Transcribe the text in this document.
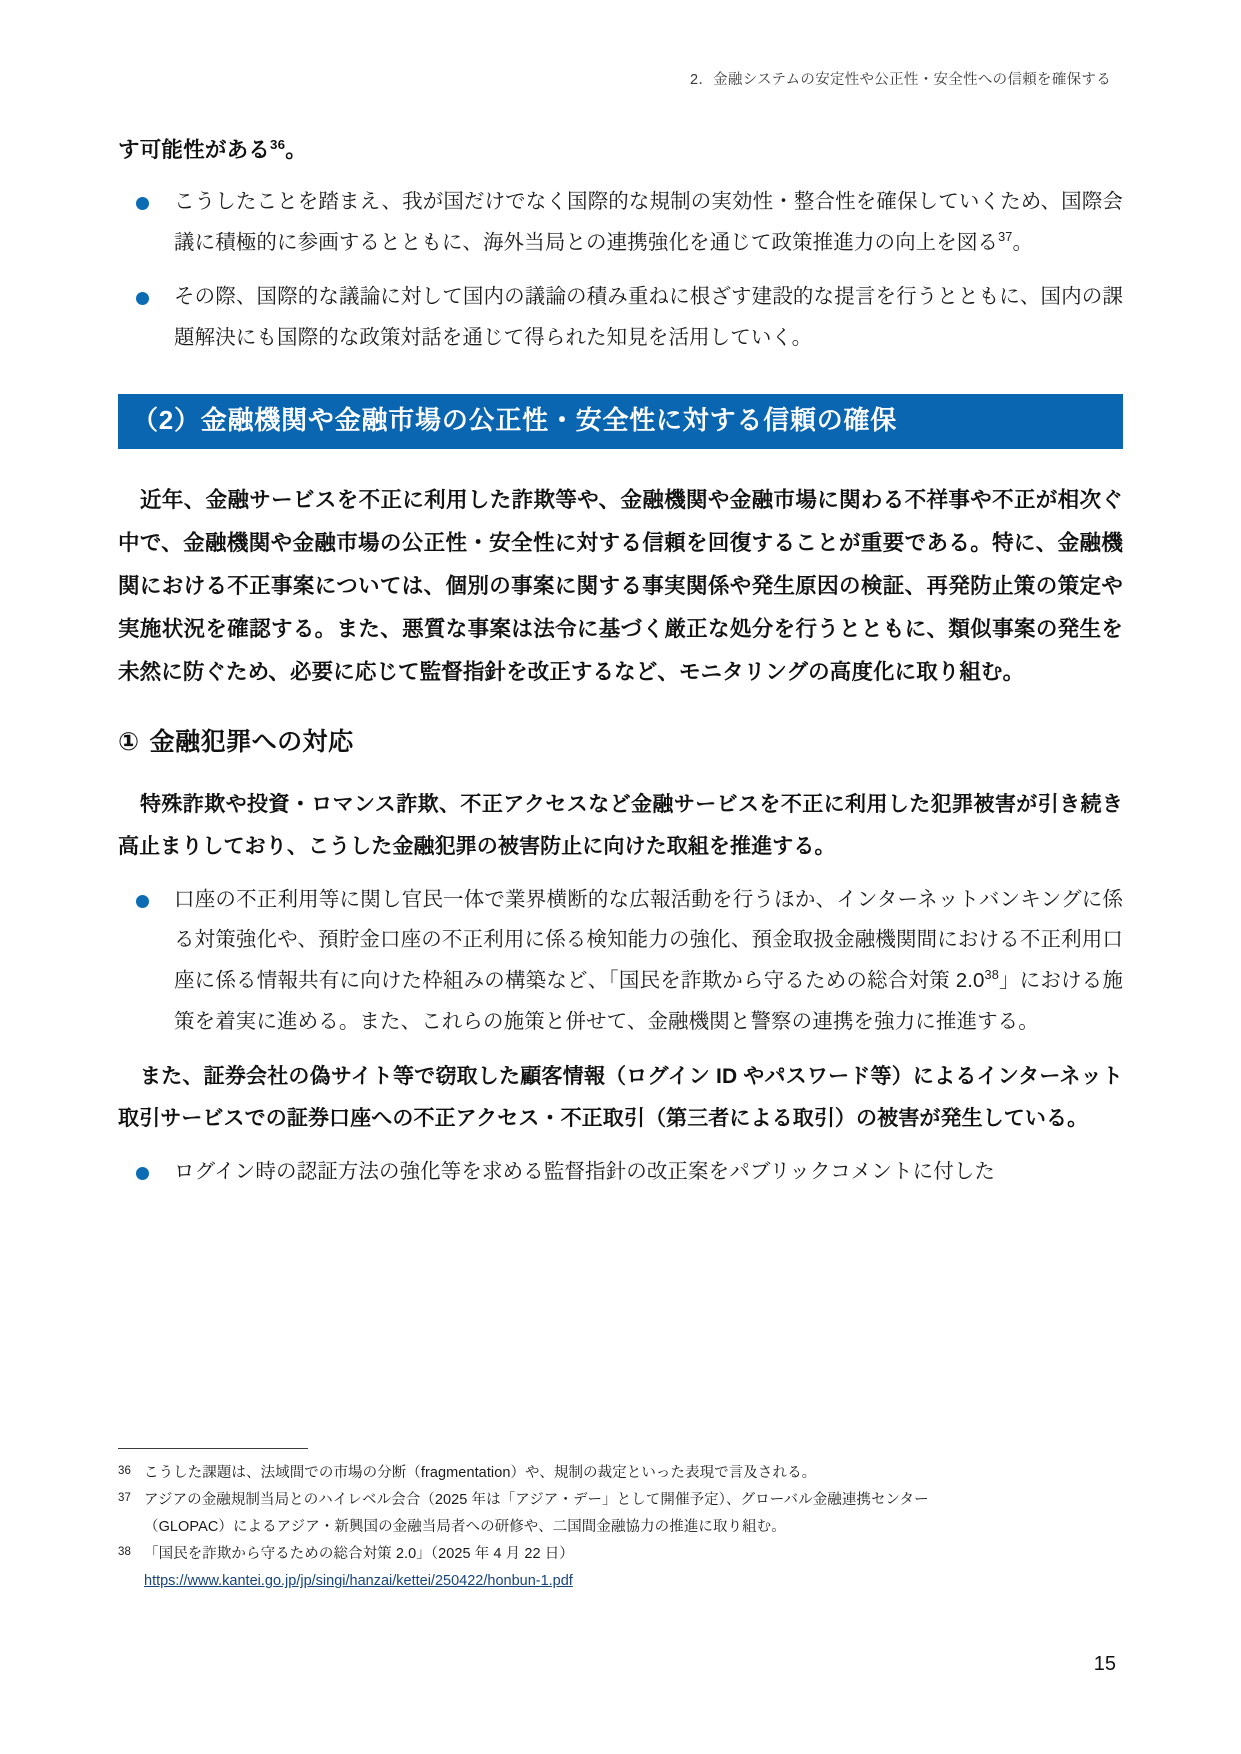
2．金融システムの安定性や公正性・安全性への信頼を確保する

す可能性がある$^{36}$。

こうしたことを踏まえ、我が国だけでなく国際的な規制の実効性・整合性を確保していくため、国際会議に積極的に参画するとともに、海外当局との連携強化を通じて政策推進力の向上を図る$^{37}$。
その際、国際的な議論に対して国内の議論の積み重ねに根ざす建設的な提言を行うとともに、国内の課題解決にも国際的な政策対話を通じて得られた知見を活用していく。
（2）金融機関や金融市場の公正性・安全性に対する信頼の確保

近年、金融サービスを不正に利用した詐欺等や、金融機関や金融市場に関わる不祥事や不正が相次ぐ中で、金融機関や金融市場の公正性・安全性に対する信頼を回復することが重要である。特に、金融機関における不正事案については、個別の事案に関する事実関係や発生原因の検証、再発防止策の策定や実施状況を確認する。また、悪質な事案は法令に基づく厳正な処分を行うとともに、類似事案の発生を未然に防ぐため、必要に応じて監督指針を改正するなど、モニタリングの高度化に取り組む。

① 金融犯罪への対応

特殊詐欺や投資・ロマンス詐欺、不正アクセスなど金融サービスを不正に利用した犯罪被害が引き続き高止まりしており、こうした金融犯罪の被害防止に向けた取組を推進する。

口座の不正利用等に関し官民一体で業界横断的な広報活動を行うほか、インターネットバンキングに係る対策強化や、預貯金口座の不正利用に係る検知能力の強化、預金取扱金融機関間における不正利用口座に係る情報共有に向けた枠組みの構築など、「国民を詐欺から守るための総合対策 2.0$^{38}$」における施策を着実に進める。また、これらの施策と併せて、金融機関と警察の連携を強力に推進する。

また、証券会社の偽サイト等で窃取した顧客情報（ログイン ID やパスワード等）によるインターネット取引サービスでの証券口座への不正アクセス・不正取引（第三者による取引）の被害が発生している。

ログイン時の認証方法の強化等を求める監督指針の改正案をパブリックコメントに付した
36 こうした課題は、法域間での市場の分断（fragmentation）や、規制の裁定といった表現で言及される。
37 アジアの金融規制当局とのハイレベル会合（2025 年は「アジア・デー」として開催予定）、グローバル金融連携センター
（GLOPAC）によるアジア・新興国の金融当局者への研修や、二国間金融協力の推進に取り組む。
38 「国民を詐欺から守るための総合対策 2.0」（2025 年 4 月 22 日）
https://www.kantei.go.jp/jp/singi/hanzai/kettei/250422/honbun-1.pdf
15
